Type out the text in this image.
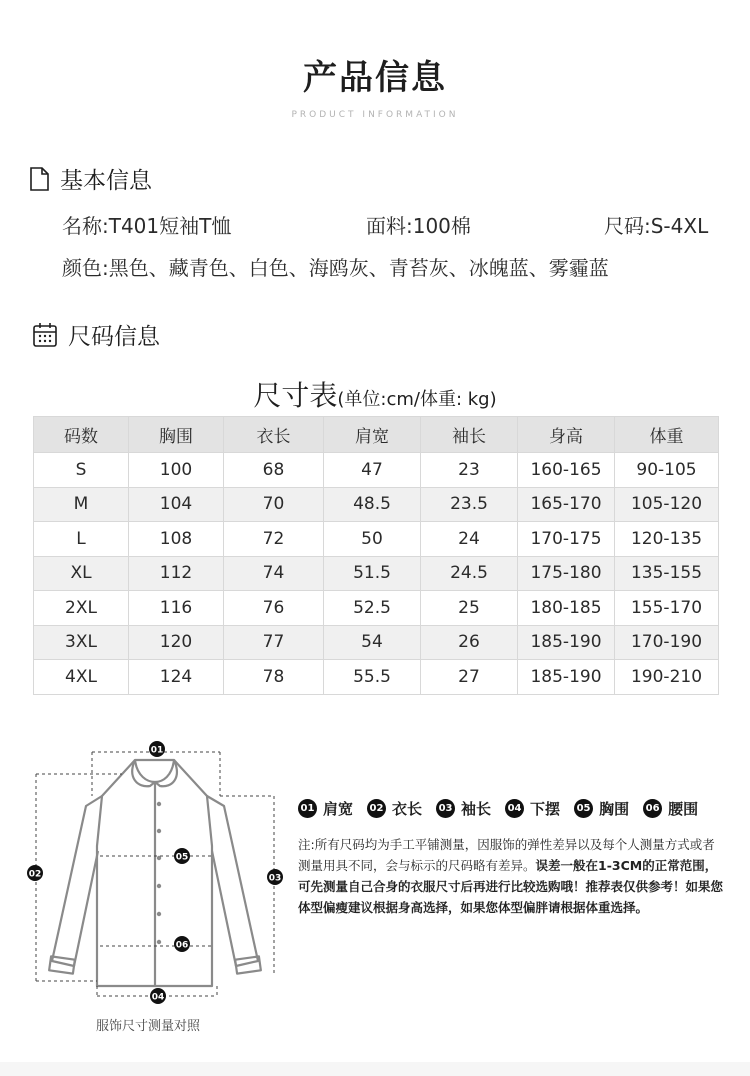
产品信息
PRODUCT INFORMATION
基本信息
名称:T401短袖T恤	面料:100棉	尺码:S-4XL
颜色:黑色、藏青色、白色、海鸥灰、青苔灰、冰魄蓝、雾霾蓝
尺码信息
尺寸表(单位:cm/体重: kg)
码数	胸围	衣长	肩宽	袖长	身高	体重
S	100	68	47	23	160-165	90-105
M	104	70	48.5	23.5	165-170	105-120
L	108	72	50	24	170-175	120-135
XL	112	74	51.5	24.5	175-180	135-155
2XL	116	76	52.5	25	180-185	155-170
3XL	120	77	54	26	185-190	170-190
4XL	124	78	55.5	27	185-190	190-210
01
02	03
04
05
06
服饰尺寸测量对照
01 肩宽 02 衣长 03 袖长 04 下摆 05 胸围 06 腰围
注:所有尺码均为手工平铺测量，因服饰的弹性差异以及每个人测量方式或者测量用具不同，会与标示的尺码略有差异。误差一般在1-3CM的正常范围，可先测量自己合身的衣服尺寸后再进行比较选购哦！推荐表仅供参考！如果您体型偏瘦建议根据身高选择，如果您体型偏胖请根据体重选择。
